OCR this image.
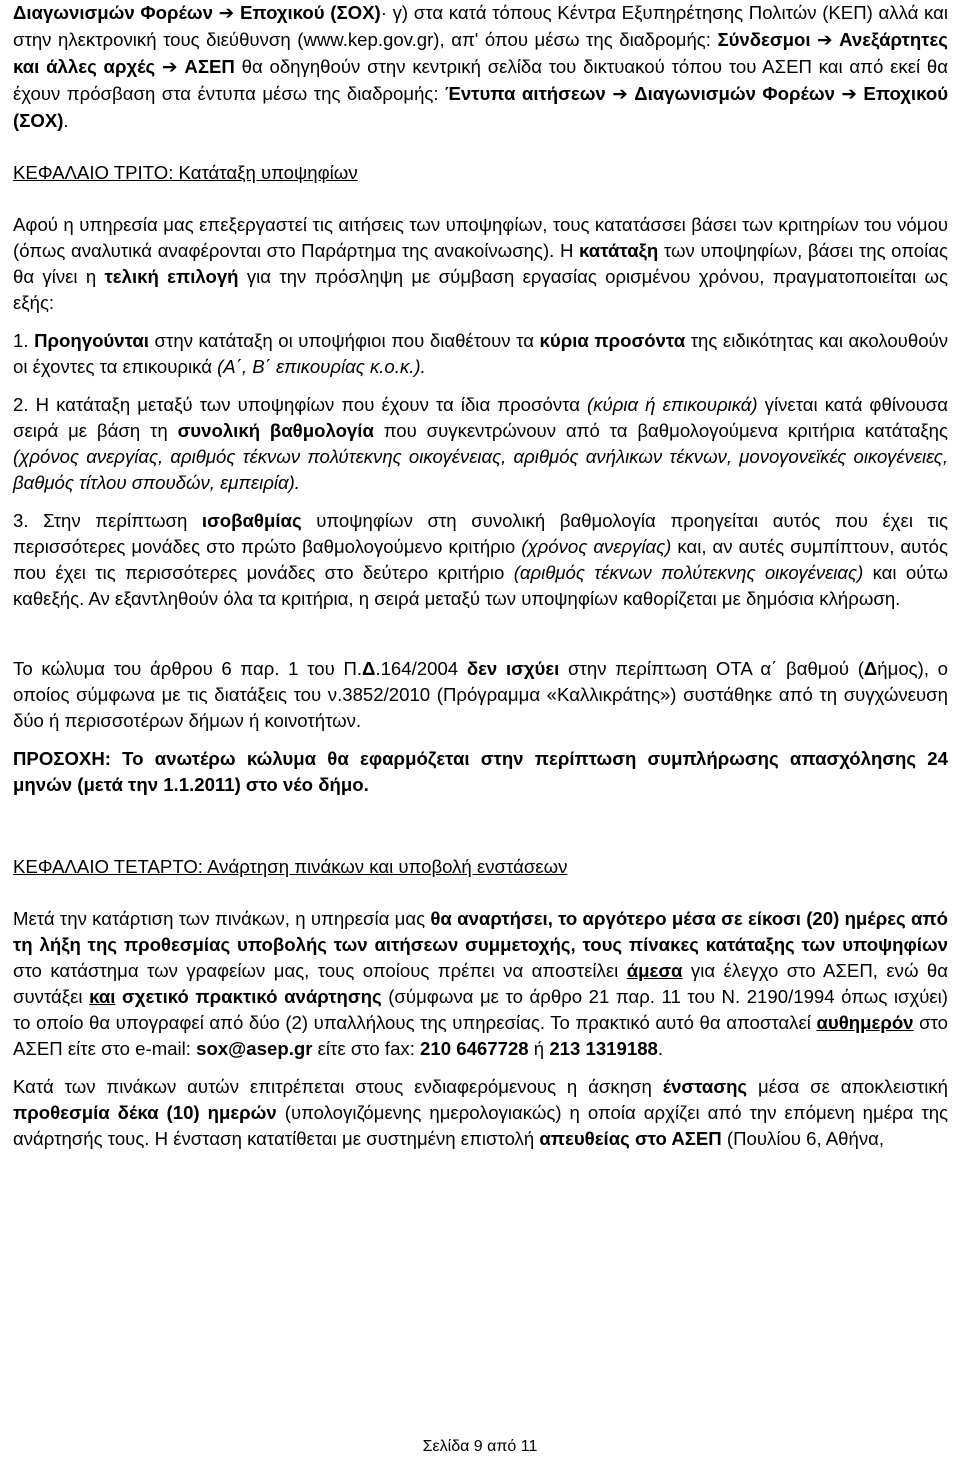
Διαγωνισμών Φορέων ➔ Εποχικού (ΣΟΧ)· γ) στα κατά τόπους Κέντρα Εξυπηρέτησης Πολιτών (ΚΕΠ) αλλά και στην ηλεκτρονική τους διεύθυνση (www.kep.gov.gr), απ' όπου μέσω της διαδρομής: Σύνδεσμοι ➔ Ανεξάρτητες και άλλες αρχές ➔ ΑΣΕΠ θα οδηγηθούν στην κεντρική σελίδα του δικτυακού τόπου του ΑΣΕΠ και από εκεί θα έχουν πρόσβαση στα έντυπα μέσω της διαδρομής: Έντυπα αιτήσεων ➔ Διαγωνισμών Φορέων ➔ Εποχικού (ΣΟΧ).

ΚΕΦΑΛΑΙΟ ΤΡΙΤΟ: Κατάταξη υποψηφίων

Αφού η υπηρεσία μας επεξεργαστεί τις αιτήσεις των υποψηφίων, τους κατατάσσει βάσει των κριτηρίων του νόμου (όπως αναλυτικά αναφέρονται στο Παράρτημα της ανακοίνωσης). Η κατάταξη των υποψηφίων, βάσει της οποίας θα γίνει η τελική επιλογή για την πρόσληψη με σύμβαση εργασίας ορισμένου χρόνου, πραγματοποιείται ως εξής:

1. Προηγούνται στην κατάταξη οι υποψήφιοι που διαθέτουν τα κύρια προσόντα της ειδικότητας και ακολουθούν οι έχοντες τα επικουρικά (Α΄, Β΄ επικουρίας κ.ο.κ.).

2. Η κατάταξη μεταξύ των υποψηφίων που έχουν τα ίδια προσόντα (κύρια ή επικουρικά) γίνεται κατά φθίνουσα σειρά με βάση τη συνολική βαθμολογία που συγκεντρώνουν από τα βαθμολογούμενα κριτήρια κατάταξης (χρόνος ανεργίας, αριθμός τέκνων πολύτεκνης οικογένειας, αριθμός ανήλικων τέκνων, μονογονεϊκές οικογένειες, βαθμός τίτλου σπουδών, εμπειρία).

3. Στην περίπτωση ισοβαθμίας υποψηφίων στη συνολική βαθμολογία προηγείται αυτός που έχει τις περισσότερες μονάδες στο πρώτο βαθμολογούμενο κριτήριο (χρόνος ανεργίας) και, αν αυτές συμπίπτουν, αυτός που έχει τις περισσότερες μονάδες στο δεύτερο κριτήριο (αριθμός τέκνων πολύτεκνης οικογένειας) και ούτω καθεξής. Αν εξαντληθούν όλα τα κριτήρια, η σειρά μεταξύ των υποψηφίων καθορίζεται με δημόσια κλήρωση.

Το κώλυμα του άρθρου 6 παρ. 1 του Π.Δ.164/2004 δεν ισχύει στην περίπτωση ΟΤΑ α΄ βαθμού (Δήμος), ο οποίος σύμφωνα με τις διατάξεις του ν.3852/2010 (Πρόγραμμα «Καλλικράτης») συστάθηκε από τη συγχώνευση δύο ή περισσοτέρων δήμων ή κοινοτήτων.

ΠΡΟΣΟΧΗ: Το ανωτέρω κώλυμα θα εφαρμόζεται στην περίπτωση συμπλήρωσης απασχόλησης 24 μηνών (μετά την 1.1.2011) στο νέο δήμο.

ΚΕΦΑΛΑΙΟ ΤΕΤΑΡΤΟ: Ανάρτηση πινάκων και υποβολή ενστάσεων

Μετά την κατάρτιση των πινάκων, η υπηρεσία μας θα αναρτήσει, το αργότερο μέσα σε είκοσι (20) ημέρες από τη λήξη της προθεσμίας υποβολής των αιτήσεων συμμετοχής, τους πίνακες κατάταξης των υποψηφίων στο κατάστημα των γραφείων μας, τους οποίους πρέπει να αποστείλει άμεσα για έλεγχο στο ΑΣΕΠ, ενώ θα συντάξει και σχετικό πρακτικό ανάρτησης (σύμφωνα με το άρθρο 21 παρ. 11 του Ν. 2190/1994 όπως ισχύει) το οποίο θα υπογραφεί από δύο (2) υπαλλήλους της υπηρεσίας. Το πρακτικό αυτό θα αποσταλεί αυθημερόν στο ΑΣΕΠ είτε στο e-mail: sox@asep.gr είτε στο fax: 210 6467728 ή 213 1319188.

Κατά των πινάκων αυτών επιτρέπεται στους ενδιαφερόμενους η άσκηση ένστασης μέσα σε αποκλειστική προθεσμία δέκα (10) ημερών (υπολογιζόμενης ημερολογιακώς) η οποία αρχίζει από την επόμενη ημέρα της ανάρτησής τους. Η ένσταση κατατίθεται με συστημένη επιστολή απευθείας στο ΑΣΕΠ (Πουλίου 6, Αθήνα,

Σελίδα 9 από 11
